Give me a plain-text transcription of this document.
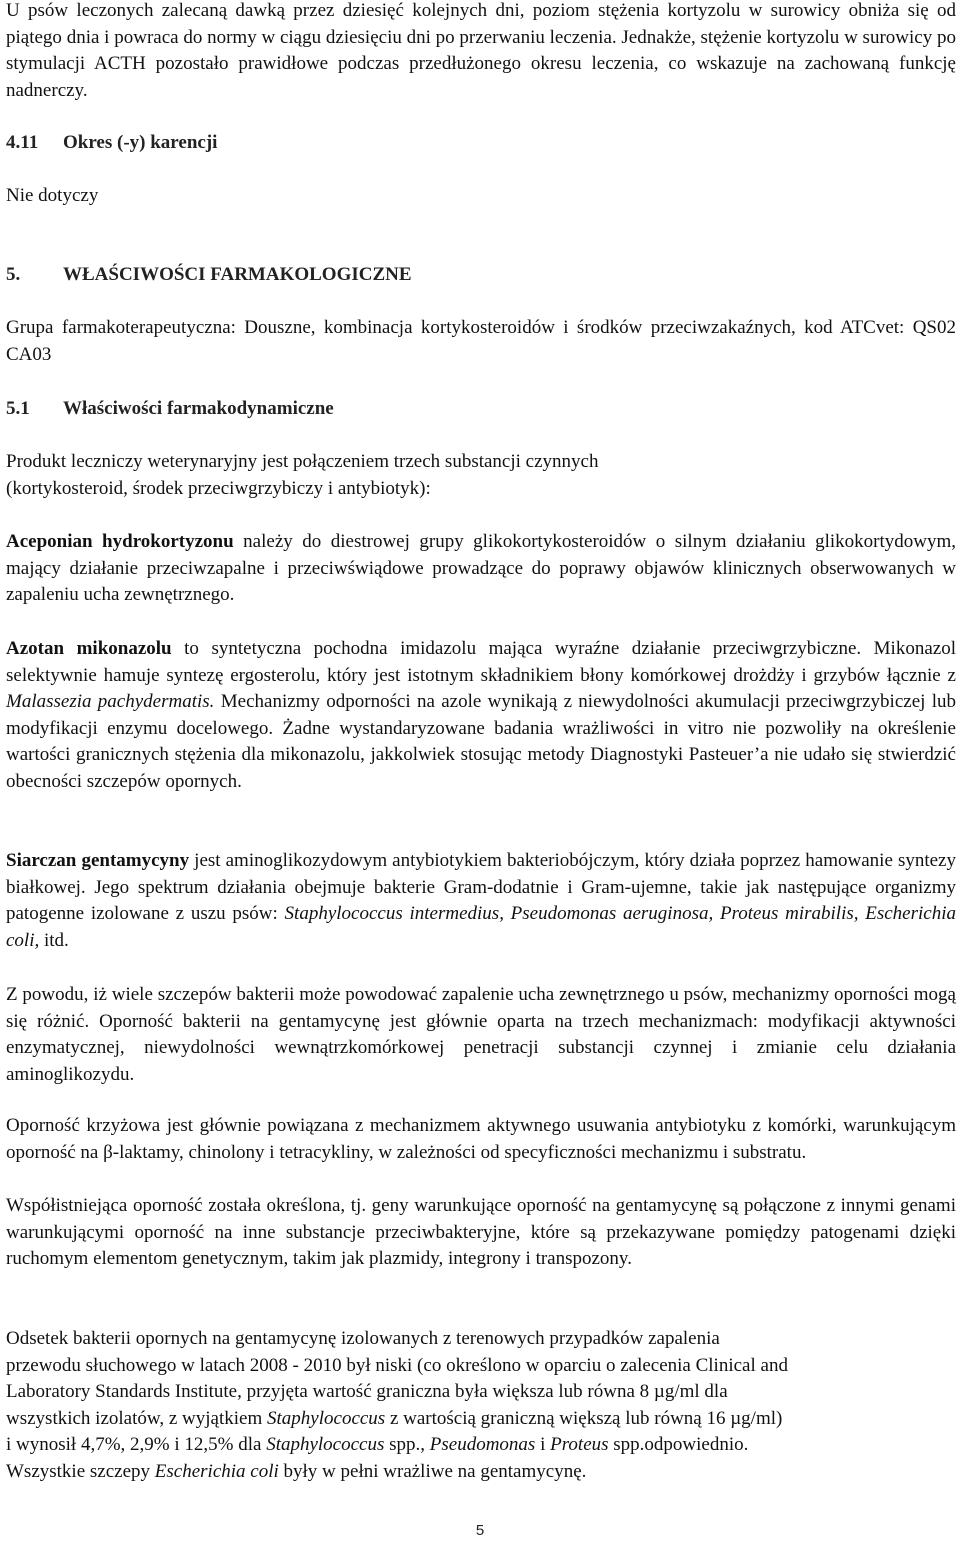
U psów leczonych zalecaną dawką przez dziesięć kolejnych dni, poziom stężenia kortyzolu w surowicy obniża się od piątego dnia i powraca do normy w ciągu dziesięciu dni po przerwaniu leczenia. Jednakże, stężenie kortyzolu w surowicy po stymulacji ACTH pozostało prawidłowe podczas przedłużonego okresu leczenia, co wskazuje na zachowaną funkcję nadnerczy.

4.11	Okres (-y) karencji

Nie dotyczy

5.	WŁAŚCIWOŚCI FARMAKOLOGICZNE

Grupa farmakoterapeutyczna: Douszne, kombinacja kortykosteroidów i środków przeciwzakaźnych, kod ATCvet: QS02 CA03

5.1	Właściwości farmakodynamiczne
Produkt leczniczy weterynaryjny jest połączeniem trzech substancji czynnych
(kortykosteroid, środek przeciwgrzybiczy i antybiotyk):

Aceponian hydrokortyzonu należy do diestrowej grupy glikokortykosteroidów o silnym działaniu glikokortydowym, mający działanie przeciwzapalne i przeciwświądowe prowadzące do poprawy objawów klinicznych obserwowanych w zapaleniu ucha zewnętrznego.

Azotan mikonazolu to syntetyczna pochodna imidazolu mająca wyraźne działanie przeciwgrzybiczne. Mikonazol selektywnie hamuje syntezę ergosterolu, który jest istotnym składnikiem błony komórkowej drożdży i grzybów łącznie z Malassezia pachydermatis. Mechanizmy odporności na azole wynikają z niewydolności akumulacji przeciwgrzybiczej lub modyfikacji enzymu docelowego. Żadne wystandaryzowane badania wrażliwości in vitro nie pozwoliły na określenie wartości granicznych stężenia dla mikonazolu, jakkolwiek stosując metody Diagnostyki Pasteuer’a nie udało się stwierdzić obecności szczepów opornych.

Siarczan gentamycyny jest aminoglikozydowym antybiotykiem bakteriobójczym, który działa poprzez hamowanie syntezy białkowej. Jego spektrum działania obejmuje bakterie Gram-dodatnie i Gram-ujemne, takie jak następujące organizmy patogenne izolowane z uszu psów: Staphylococcus intermedius, Pseudomonas aeruginosa, Proteus mirabilis, Escherichia coli, itd.

Z powodu, iż wiele szczepów bakterii może powodować zapalenie ucha zewnętrznego u psów, mechanizmy oporności mogą się różnić. Oporność bakterii na gentamycynę jest głównie oparta na trzech mechanizmach: modyfikacji aktywności enzymatycznej, niewydolności wewnątrzkomórkowej penetracji substancji czynnej i zmianie celu działania aminoglikozydu.

Oporność krzyżowa jest głównie powiązana z mechanizmem aktywnego usuwania antybiotyku z komórki, warunkującym oporność na β-laktamy, chinolony i tetracykliny, w zależności od specyficzności mechanizmu i substratu.

Współistniejąca oporność została określona, tj. geny warunkujące oporność na gentamycynę są połączone z innymi genami warunkującymi oporność na inne substancje przeciwbakteryjne, które są przekazywane pomiędzy patogenami dzięki ruchomym elementom genetycznym, takim jak plazmidy, integrony i transpozony.

Odsetek bakterii opornych na gentamycynę izolowanych z terenowych przypadków zapalenia
przewodu słuchowego w latach 2008 - 2010 był niski (co określono w oparciu o zalecenia Clinical and
Laboratory Standards Institute, przyjęta wartość graniczna była większa lub równa 8 µg/ml dla
wszystkich izolatów, z wyjątkiem Staphylococcus z wartością graniczną większą lub równą 16 µg/ml)
i wynosił 4,7%, 2,9% i 12,5% dla Staphylococcus spp., Pseudomonas i Proteus spp.odpowiednio.
Wszystkie szczepy Escherichia coli były w pełni wrażliwe na gentamycynę.
5
